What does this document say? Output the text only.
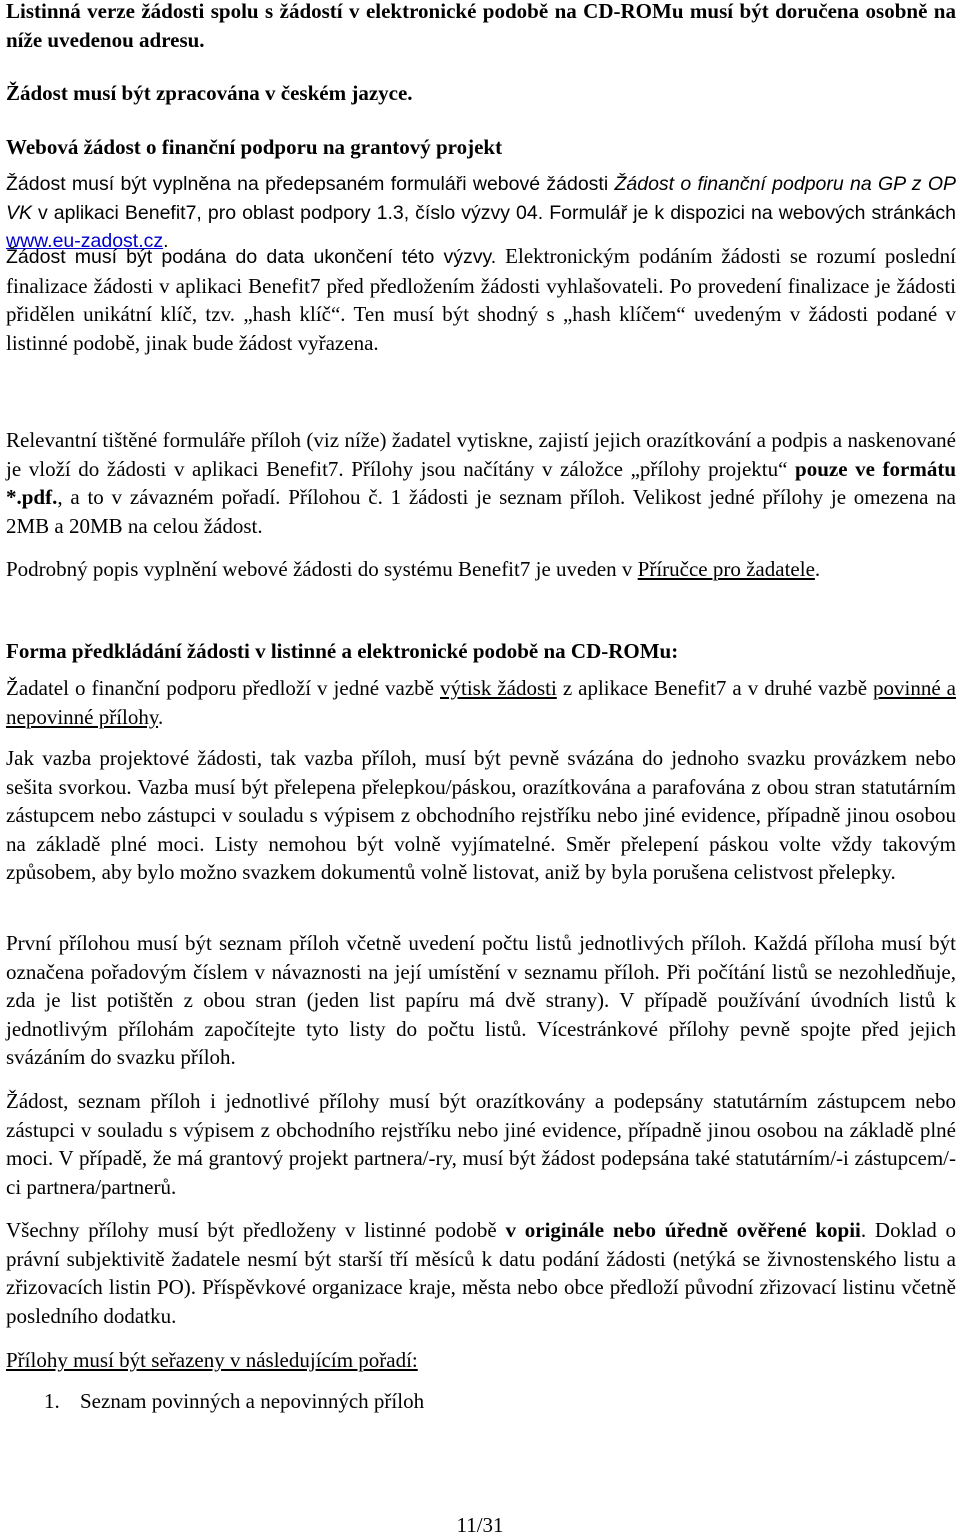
Listinná verze žádosti spolu s žádostí v elektronické podobě na CD-ROMu musí být doručena osobně na níže uvedenou adresu.

Žádost musí být zpracována v českém jazyce.

Webová žádost o finanční podporu na grantový projekt

Žádost musí být vyplněna na předepsaném formuláři webové žádosti Žádost o finanční podporu na GP z OP VK v aplikaci Benefit7, pro oblast podpory 1.3, číslo výzvy 04. Formulář je k dispozici na webových stránkách www.eu-zadost.cz.

Žádost musí být podána do data ukončení této výzvy. Elektronickým podáním žádosti se rozumí poslední finalizace žádosti v aplikaci Benefit7 před předložením žádosti vyhlašovateli. Po provedení finalizace je žádosti přidělen unikátní klíč, tzv. „hash klíč“. Ten musí být shodný s „hash klíčem“ uvedeným v žádosti podané v listinné podobě, jinak bude žádost vyřazena.

Relevantní tištěné formuláře příloh (viz níže) žadatel vytiskne, zajistí jejich orazítkování a podpis a naskenované je vloží do žádosti v aplikaci Benefit7. Přílohy jsou načítány v záložce „přílohy projektu“ pouze ve formátu *.pdf., a to v závazném pořadí. Přílohou č. 1 žádosti je seznam příloh. Velikost jedné přílohy je omezena na 2MB a 20MB na celou žádost.

Podrobný popis vyplnění webové žádosti do systému Benefit7 je uveden v Příručce pro žadatele.

Forma předkládání žádosti v listinné a elektronické podobě na CD-ROMu:

Žadatel o finanční podporu předloží v jedné vazbě výtisk žádosti z aplikace Benefit7 a v druhé vazbě povinné a nepovinné přílohy.

Jak vazba projektové žádosti, tak vazba příloh, musí být pevně svázána do jednoho svazku provázkem nebo sešita svorkou. Vazba musí být přelepena přelepkou/páskou, orazítkována a parafována z obou stran statutárním zástupcem nebo zástupci v souladu s výpisem z obchodního rejstříku nebo jiné evidence, případně jinou osobou na základě plné moci. Listy nemohou být volně vyjímatelné. Směr přelepení páskou volte vždy takovým způsobem, aby bylo možno svazkem dokumentů volně listovat, aniž by byla porušena celistvost přelepky.

První přílohou musí být seznam příloh včetně uvedení počtu listů jednotlivých příloh. Každá příloha musí být označena pořadovým číslem v návaznosti na její umístění v seznamu příloh. Při počítání listů se nezohledňuje, zda je list potištěn z obou stran (jeden list papíru má dvě strany). V případě používání úvodních listů k jednotlivým přílohám započítejte tyto listy do počtu listů. Vícestránkové přílohy pevně spojte před jejich svázáním do svazku příloh.

Žádost, seznam příloh i jednotlivé přílohy musí být orazítkovány a podepsány statutárním zástupcem nebo zástupci v souladu s výpisem z obchodního rejstříku nebo jiné evidence, případně jinou osobou na základě plné moci. V případě, že má grantový projekt partnera/-ry, musí být žádost podepsána také statutárním/-i zástupcem/-ci partnera/partnerů.

Všechny přílohy musí být předloženy v listinné podobě v originále nebo úředně ověřené kopii. Doklad o právní subjektivitě žadatele nesmí být starší tří měsíců k datu podání žádosti (netýká se živnostenského listu a zřizovacích listin PO). Příspěvkové organizace kraje, města nebo obce předloží původní zřizovací listinu včetně posledního dodatku.

Přílohy musí být seřazeny v následujícím pořadí:

1. Seznam povinných a nepovinných příloh
11/31
